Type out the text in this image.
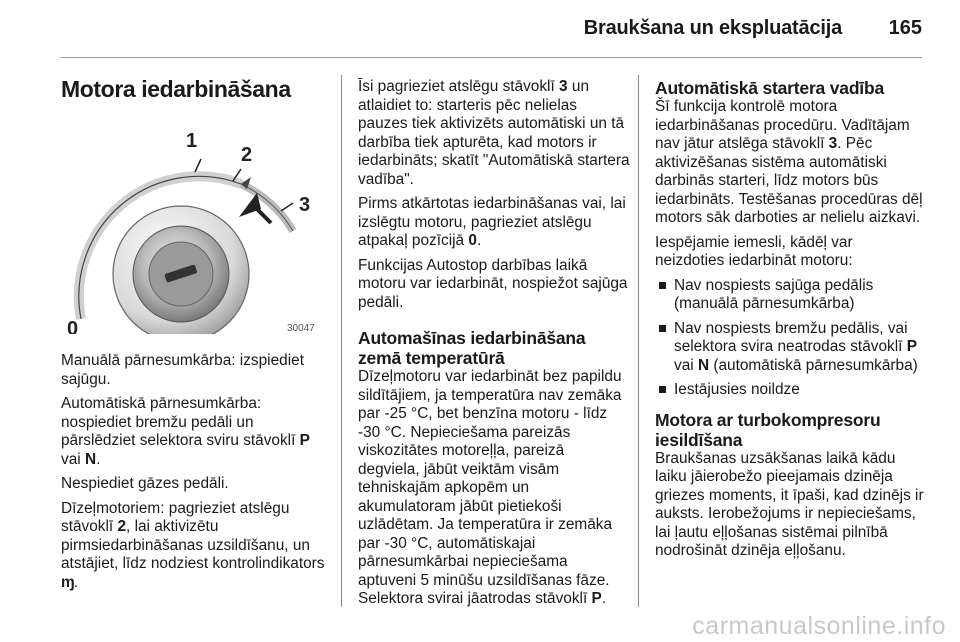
Braukšana un ekspluatācija 165
Motora iedarbināšana
1
2
3
0	30047

Manuālā pārnesumkārba: izspiediet sajūgu.

Automātiskā pārnesumkārba: nospiediet bremžu pedāli un pārslēdziet selektora sviru stāvoklī P vai N.

Nespiediet gāzes pedāli.

Dīzeļmotoriem: pagrieziet atslēgu stāvoklī 2, lai aktivizētu pirmsiedarbināšanas uzsildīšanu, un atstājiet, līdz nodziest kontrolindikators ɱ.

Īsi pagrieziet atslēgu stāvoklī 3 un atlaidiet to: starteris pēc nelielas pauzes tiek aktivizēts automātiski un tā darbība tiek apturēta, kad motors ir iedarbināts; skatīt "Automātiskā startera vadība".

Pirms atkārtotas iedarbināšanas vai, lai izslēgtu motoru, pagrieziet atslēgu atpakaļ pozīcijā 0.

Funkcijas Autostop darbības laikā motoru var iedarbināt, nospiežot sajūga pedāli.

Automašīnas iedarbināšana zemā temperatūrā

Dīzeļmotoru var iedarbināt bez papildu sildītājiem, ja temperatūra nav zemāka par -25 °C, bet benzīna motoru - līdz -30 °C. Nepieciešama pareizās viskozitātes motoreļļa, pareizā degviela, jābūt veiktām visām tehniskajām apkopēm un akumulatoram jābūt pietiekoši uzlādētam. Ja temperatūra ir zemāka par -30 °C, automātiskajai pārnesumkārbai nepieciešama aptuveni 5 minūšu uzsildīšanas fāze. Selektora svirai jāatrodas stāvoklī P.

Automātiskā startera vadība

Šī funkcija kontrolē motora iedarbināšanas procedūru. Vadītājam nav jātur atslēga stāvoklī 3. Pēc aktivizēšanas sistēma automātiski darbinās starteri, līdz motors būs iedarbināts. Testēšanas procedūras dēļ motors sāk darboties ar nelielu aizkavi.

Iespējamie iemesli, kādēļ var neizdoties iedarbināt motoru:

Nav nospiests sajūga pedālis (manuālā pārnesumkārba)
Nav nospiests bremžu pedālis, vai selektora svira neatrodas stāvoklī P vai N (automātiskā pārnesumkārba)
Iestājusies noildze
Motora ar turbokompresoru iesildīšana

Braukšanas uzsākšanas laikā kādu laiku jāierobežo pieejamais dzinēja griezes moments, it īpaši, kad dzinējs ir auksts. Ierobežojums ir nepieciešams, lai ļautu eļļošanas sistēmai pilnībā nodrošināt dzinēja eļļošanu.

carmanualsonline.info
